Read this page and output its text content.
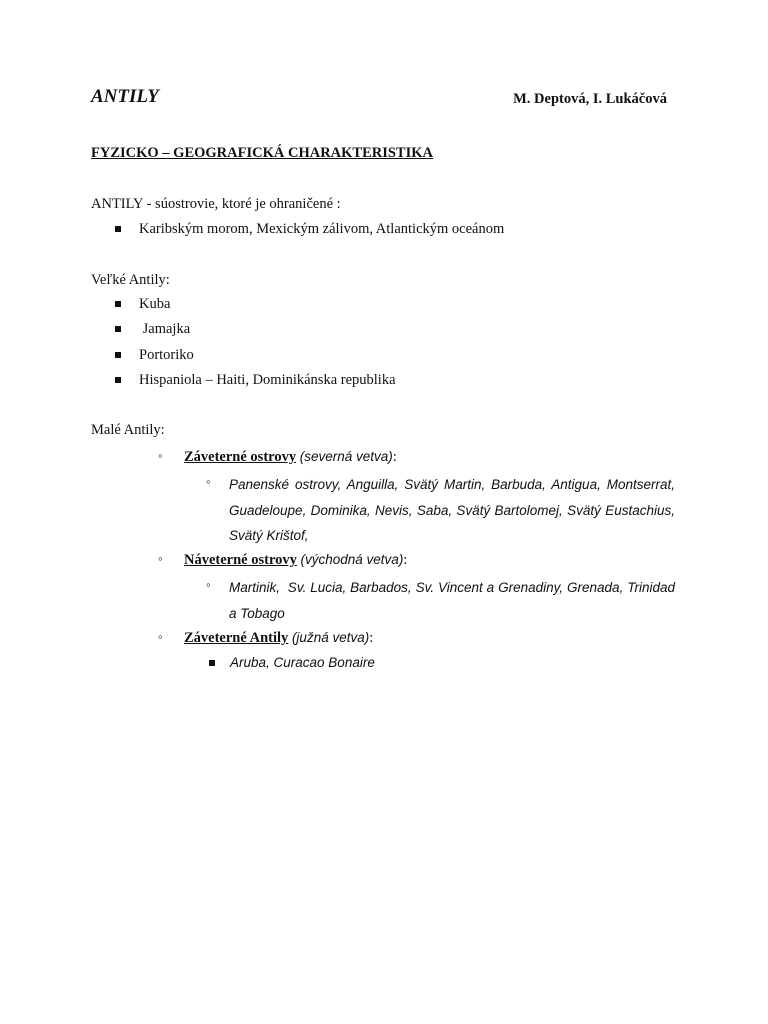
ANTILY	M. Deptová, I. Lukáčová
FYZICKO – GEOGRAFICKÁ CHARAKTERISTIKA
ANTILY - súostrovie, ktoré je ohraničené :
Karibským morom, Mexickým zálivom, Atlantickým oceánom
Veľké Antily:
Kuba
Jamajka
Portoriko
Hispaniola – Haiti, Dominikánska republika
Malé Antily:
◦ Záveterné ostrovy (severná vetva):
◦ Panenské ostrovy, Anguilla, Svätý Martin, Barbuda, Antigua, Montserrat, Guadeloupe, Dominika, Nevis, Saba, Svätý Bartolomej, Svätý Eustachius, Svätý Krištof,
◦ Náveterné ostrovy (východná vetva):
◦ Martinik,  Sv. Lucia, Barbados, Sv. Vincent a Grenadiny, Grenada, Trinidad a Tobago
◦ Záveterné Antily (južná vetva):
Aruba, Curacao Bonaire
